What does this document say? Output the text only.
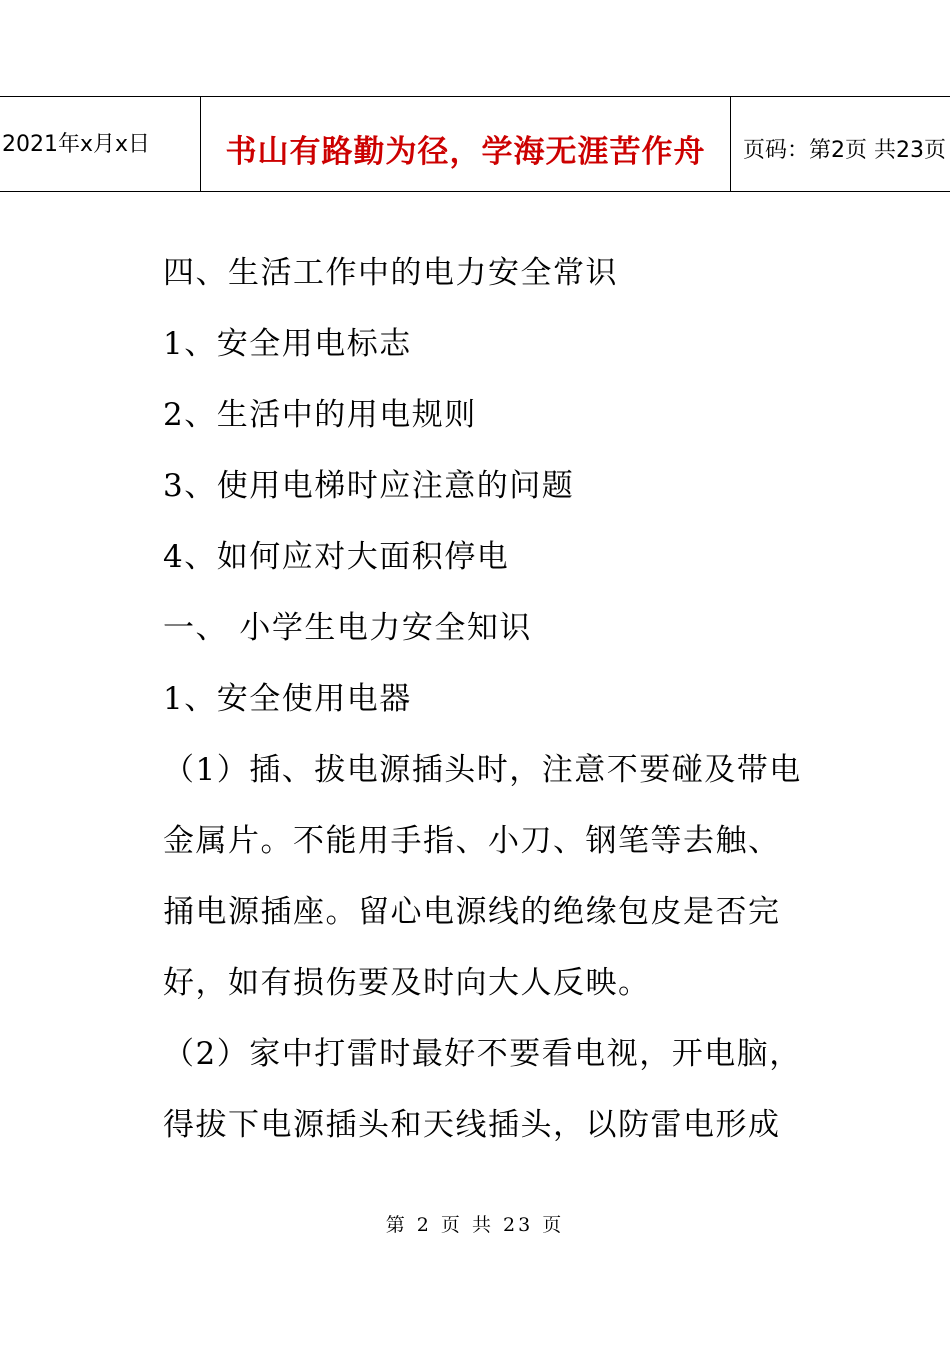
2021年x月x日	书山有路勤为径，学海无涯苦作舟	页码：第2页 共23页
四、生活工作中的电力安全常识
1、安全用电标志
2、生活中的用电规则
3、使用电梯时应注意的问题
4、如何应对大面积停电
一、 小学生电力安全知识
1、安全使用电器
（1）插、拔电源插头时，注意不要碰及带电
金属片。不能用手指、小刀、钢笔等去触、
捅电源插座。留心电源线的绝缘包皮是否完
好，如有损伤要及时向大人反映。
（2）家中打雷时最好不要看电视，开电脑，
得拔下电源插头和天线插头，以防雷电形成
第 2 页 共 23 页
